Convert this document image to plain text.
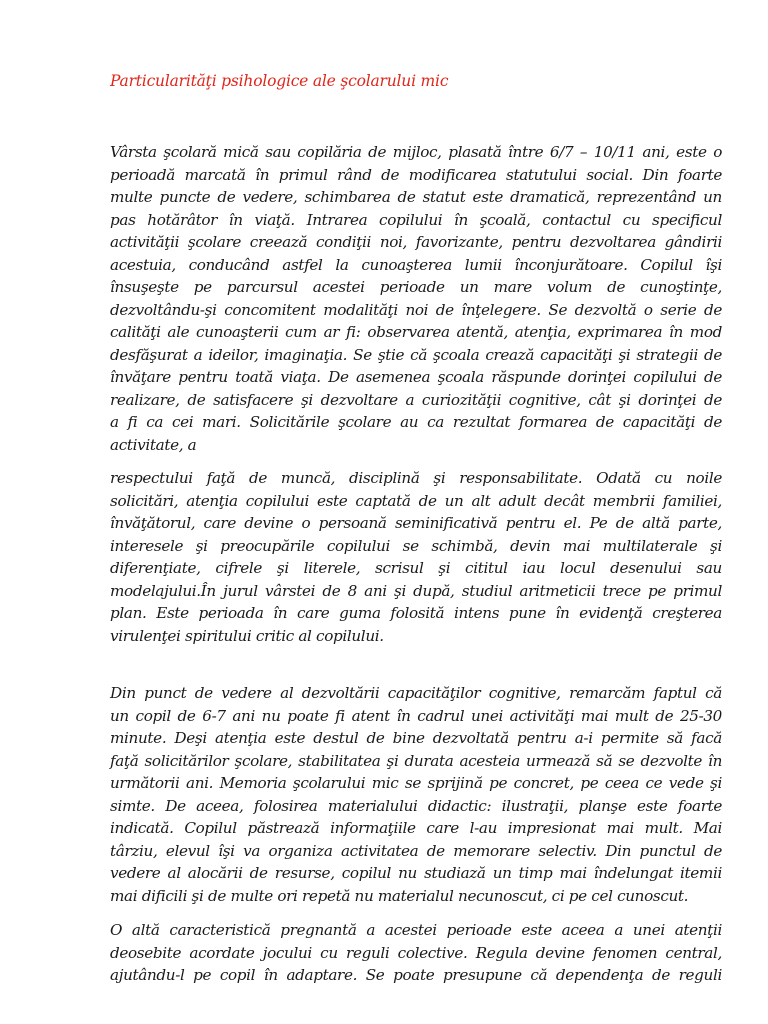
Particularităţi psihologice ale şcolarului mic
Vârsta şcolară mică sau copilăria de mijloc, plasată între 6/7 – 10/11 ani, este o
perioadă marcată în primul rând de modificarea statutului social. Din foarte
multe puncte de vedere, schimbarea de statut este dramatică, reprezentând un
pas hotărâtor în viaţă. Intrarea copilului în şcoală, contactul cu specificul
activităţii şcolare creează condiţii noi, favorizante, pentru dezvoltarea gândirii
acestuia, conducând astfel la cunoaşterea lumii înconjurătoare. Copilul îşi
însuşeşte pe parcursul acestei perioade un mare volum de cunoştinţe,
dezvoltându-şi concomitent modalităţi noi de înţelegere. Se dezvoltă o serie de
calităţi ale cunoaşterii cum ar fi: observarea atentă, atenţia, exprimarea în mod
desfăşurat a ideilor, imaginaţia. Se ştie că şcoala crează capacităţi şi strategii de
învăţare pentru toată viaţa. De asemenea şcoala răspunde dorinţei copilului de
realizare, de satisfacere şi dezvoltare a curiozităţii cognitive, cât şi dorinţei de
a fi ca cei mari. Solicitările şcolare au ca rezultat formarea de capacităţi de
activitate, a
respectului faţă de muncă, disciplină şi responsabilitate. Odată cu noile
solicitări, atenţia copilului este captată de un alt adult decât membrii familiei,
învăţătorul, care devine o persoană seminificativă pentru el. Pe de altă parte,
interesele şi preocupările copilului se schimbă, devin mai multilaterale şi
diferenţiate, cifrele şi literele, scrisul şi cititul iau locul desenului sau
modelajului.În jurul vârstei de 8 ani şi după, studiul aritmeticii trece pe primul
plan. Este perioada în care guma folosită intens pune în evidenţă creşterea
virulenţei spiritului critic al copilului.
Din punct de vedere al dezvoltării capacităţilor cognitive, remarcăm faptul că
un copil de 6-7 ani nu poate fi atent în cadrul unei activităţi mai mult de 25-30
minute. Deşi atenţia este destul de bine dezvoltată pentru a-i permite să facă
faţă solicitărilor şcolare, stabilitatea şi durata acesteia urmează să se dezvolte în
următorii ani. Memoria şcolarului mic se sprijină pe concret, pe ceea ce vede şi
simte. De aceea, folosirea materialului didactic: ilustraţii, planşe este foarte
indicată. Copilul păstrează informaţiile care l-au impresionat mai mult. Mai
târziu, elevul îşi va organiza activitatea de memorare selectiv. Din punctul de
vedere al alocării de resurse, copilul nu studiază un timp mai îndelungat itemii
mai dificili şi de multe ori repetă nu materialul necunoscut, ci pe cel cunoscut.
O altă caracteristică pregnantă a acestei perioade este aceea a unei atenţii
deosebite acordate jocului cu reguli colective. Regula devine fenomen central,
ajutându-l pe copil în adaptare. Se poate presupune că dependenţa de reguli
